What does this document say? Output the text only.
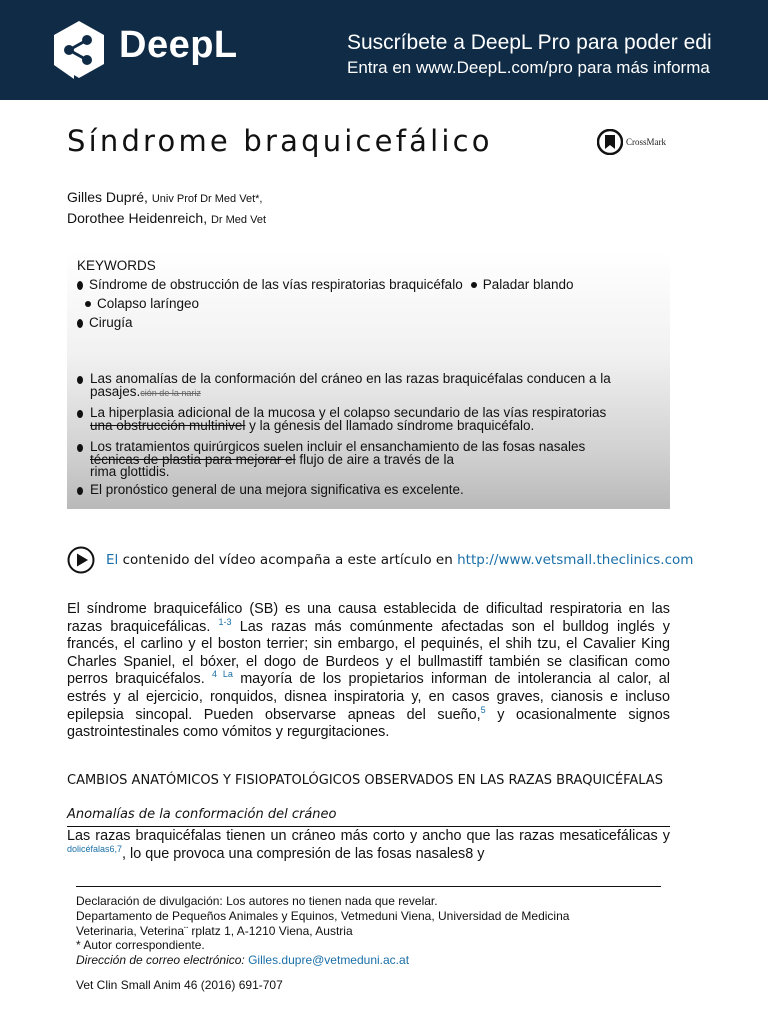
DeepL	Suscríbete a DeepL Pro para poder edi
Entra en www.DeepL.com/pro para más informa
Síndrome braquicefálico	CrossMark
Gilles Dupré, Univ Prof Dr Med Vet*,
Dorothee Heidenreich, Dr Med Vet
KEYWORDS
Síndrome de obstrucción de las vías respiratorias braquicéfalo Paladar blando
Colapso laríngeo
Cirugía
Las anomalías de la conformación del cráneo en las razas braquicéfalas conducen a la
pasajes.ción de la nariz
La hiperplasia adicional de la mucosa y el colapso secundario de las vías respiratorias
una obstrucción multinivel y la génesis del llamado síndrome braquicéfalo.
Los tratamientos quirúrgicos suelen incluir el ensanchamiento de las fosas nasales
técnicas de plastia para mejorar el flujo de aire a través de la
rima glottidis.
El pronóstico general de una mejora significativa es excelente.
El contenido del vídeo acompaña a este artículo en http://www.vetsmall.theclinics.com
El síndrome braquicefálico (SB) es una causa establecida de dificultad respiratoria en las razas braquicefálicas. $^{1-3}$ Las razas más comúnmente afectadas son el bulldog inglés y francés, el carlino y el boston terrier; sin embargo, el pequinés, el shih tzu, el Cavalier King Charles Spaniel, el bóxer, el dogo de Burdeos y el bullmastiff también se clasifican como perros braquicéfalos. $^{4 La}$ mayoría de los propietarios informan de intolerancia al calor, al estrés y al ejercicio, ronquidos, disnea inspiratoria y, en casos graves, cianosis e incluso epilepsia sincopal. Pueden observarse apneas del sueño,$^5$ y ocasionalmente signos gastrointestinales como vómitos y regurgitaciones.
CAMBIOS ANATÓMICOS Y FISIOPATOLÓGICOS OBSERVADOS EN LAS RAZAS BRAQUICÉFALAS
Anomalías de la conformación del cráneo
Las razas braquicéfalas tienen un cráneo más corto y ancho que las razas mesaticefálicas y $^{dolicéfalas6,7}$, lo que provoca una compresión de las fosas nasales8 y
Declaración de divulgación: Los autores no tienen nada que revelar.
Departamento de Pequeños Animales y Equinos, Vetmeduni Viena, Universidad de Medicina
Veterinaria, Veterina¨ rplatz 1, A-1210 Viena, Austria
* Autor correspondiente.
Dirección de correo electrónico: Gilles.dupre@vetmeduni.ac.at
Vet Clin Small Anim 46 (2016) 691-707
